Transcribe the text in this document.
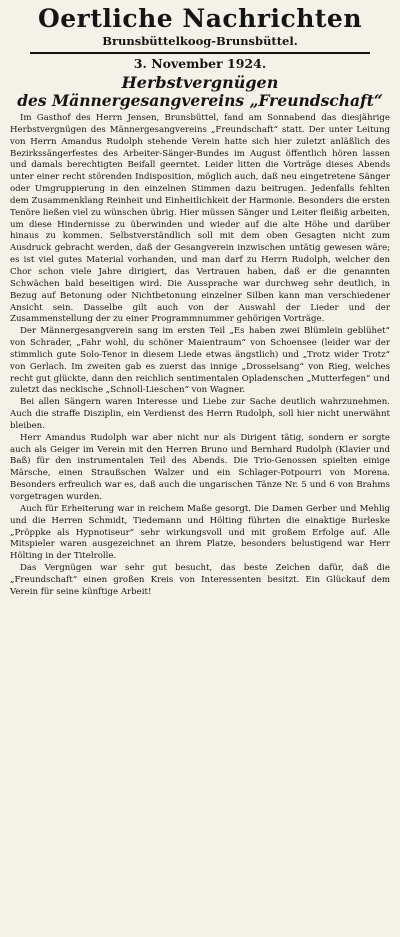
Oertliche Nachrichten
Brunsbüttelkoog-Brunsbüttel.
3. November 1924.
Herbstvergnügen
des Männergesangvereins „Freundschaft“

Im Gasthof des Herrn Jensen, Brunsbüttel, fand am Sonnabend das diesjährige Herbstvergnügen des Männergesangvereins „Freundschaft“ statt. Der unter Leitung von Herrn Amandus Rudolph stehende Verein hatte sich hier zuletzt anläßlich des Bezirkssängerfestes des Arbeiter-Sänger-Bundes im August öffentlich hören lassen und damals berechtigten Beifall geerntet. Leider litten die Vorträge dieses Abends unter einer recht störenden Indisposition, möglich auch, daß neu eingetretene Sänger oder Umgruppierung in den einzelnen Stimmen dazu beitrugen. Jedenfalls fehlten dem Zusammenklang Reinheit und Einheitlichkeit der Harmonie. Besonders die ersten Tenöre ließen viel zu wünschen übrig. Hier müssen Sänger und Leiter fleißig arbeiten, um diese Hindernisse zu überwinden und wieder auf die alte Höhe und darüber hinaus zu kommen. Selbstverständlich soll mit dem oben Gesagten nicht zum Ausdruck gebracht werden, daß der Gesangverein inzwischen untätig gewesen wäre; es ist viel gutes Material vorhanden, und man darf zu Herrn Rudolph, welcher den Chor schon viele Jahre dirigiert, das Vertrauen haben, daß er die genannten Schwächen bald beseitigen wird. Die Aussprache war durchweg sehr deutlich, in Bezug auf Betonung oder Nichtbetonung einzelner Silben kann man verschiedener Ansicht sein. Dasselbe gilt auch von der Auswahl der Lieder und der Zusammenstellung der zu einer Programmnummer gehörigen Vorträge.

Der Männergesangverein sang im ersten Teil „Es haben zwei Blümlein geblühet“ von Schrader, „Fahr wohl, du schöner Maientraum“ von Schoensee (leider war der stimmlich gute Solo-Tenor in diesem Liede etwas ängstlich) und „Trotz wider Trotz“ von Gerlach. Im zweiten gab es zuerst das innige „Drosselsang“ von Rieg, welches recht gut glückte, dann den reichlich sentimentalen Opladenschen „Mutterfegen“ und zuletzt das neckische „Schnoll-Lieschen“ von Wagner.

Bei allen Sängern waren Interesse und Liebe zur Sache deutlich wahrzunehmen. Auch die straffe Disziplin, ein Verdienst des Herrn Rudolph, soll hier nicht unerwähnt bleiben.

Herr Amandus Rudolph war aber nicht nur als Dirigent tätig, sondern er sorgte auch als Geiger im Verein mit den Herren Bruno und Bernhard Rudolph (Klavier und Baß) für den instrumentalen Teil des Abends. Die Trio-Genossen spielten einige Märsche, einen Straußschen Walzer und ein Schlager-Potpourri von Morena. Besonders erfreulich war es, daß auch die ungarischen Tänze Nr. 5 und 6 von Brahms vorgetragen wurden.

Auch für Erheiterung war in reichem Maße gesorgt. Die Damen Gerber und Mehlig und die Herren Schmidt, Tiedemann und Hölting führten die einaktige Burleske „Pröppke als Hypnotiseur“ sehr wirkungsvoll und mit großem Erfolge auf. Alle Mitspieler waren ausgezeichnet an ihrem Platze, besonders belustigend war Herr Hölting in der Titelrolle.

Das Vergnügen war sehr gut besucht, das beste Zeichen dafür, daß die „Freundschaft“ einen großen Kreis von Interessenten besitzt. Ein Glückauf dem Verein für seine künftige Arbeit!
